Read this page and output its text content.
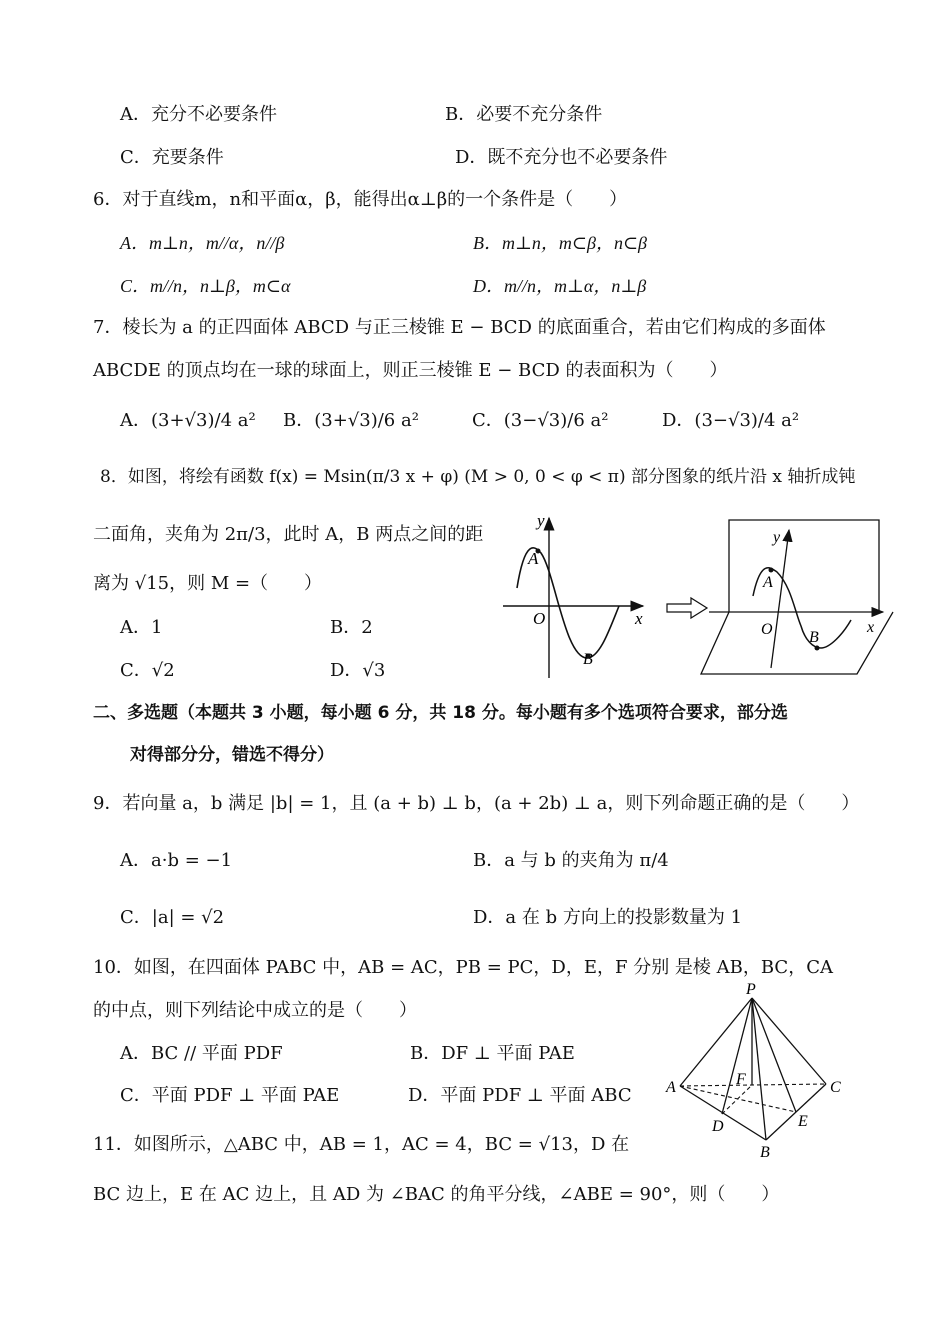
A．充分不必要条件	B．必要不充分条件
C．充要条件	D．既不充分也不必要条件
6．对于直线m，n和平面α，β，能得出α⊥β的一个条件是（　　）
A．m⊥n，m//α，n//β	B．m⊥n，m⊂β，n⊂β
C．m//n，n⊥β，m⊂α	D．m//n，m⊥α，n⊥β
7．棱长为 a 的正四面体 ABCD 与正三棱锥 E − BCD 的底面重合，若由它们构成的多面体
ABCDE 的顶点均在一球的球面上，则正三棱锥 E − BCD 的表面积为（　　）
A．(3+√3)/4 a² B．(3+√3)/6 a²	C．(3−√3)/6 a²	D．(3−√3)/4 a²
8．如图，将绘有函数 f(x) = Msin(π/3 x + φ) (M > 0, 0 < φ < π) 部分图象的纸片沿 x 轴折成钝
二面角，夹角为 2π/3，此时 A，B 两点之间的距
离为 √15，则 M =（　　）
A．1	B．2
C．√2	D．√3
y
A
O	x
B
y
A
O B
x
二、多选题（本题共 3 小题，每小题 6 分，共 18 分。每小题有多个选项符合要求，部分选
对得部分分，错选不得分）
9．若向量 a，b 满足 |b| = 1，且 (a + b) ⊥ b，(a + 2b) ⊥ a，则下列命题正确的是（　　）
A．a·b = −1	B．a 与 b 的夹角为 π/4
C．|a| = √2	D．a 在 b 方向上的投影数量为 1
10．如图，在四面体 PABC 中，AB = AC，PB = PC，D，E，F 分别 是棱 AB，BC，CA
的中点，则下列结论中成立的是（　　）
A．BC // 平面 PDF	B．DF ⊥ 平面 PAE
C．平面 PDF ⊥ 平面 PAE	D．平面 PDF ⊥ 平面 ABC
P
A	C
B
D	E
F
11．如图所示，△ABC 中，AB = 1，AC = 4，BC = √13，D 在
BC 边上，E 在 AC 边上，且 AD 为 ∠BAC 的角平分线，∠ABE = 90°，则（　　）
